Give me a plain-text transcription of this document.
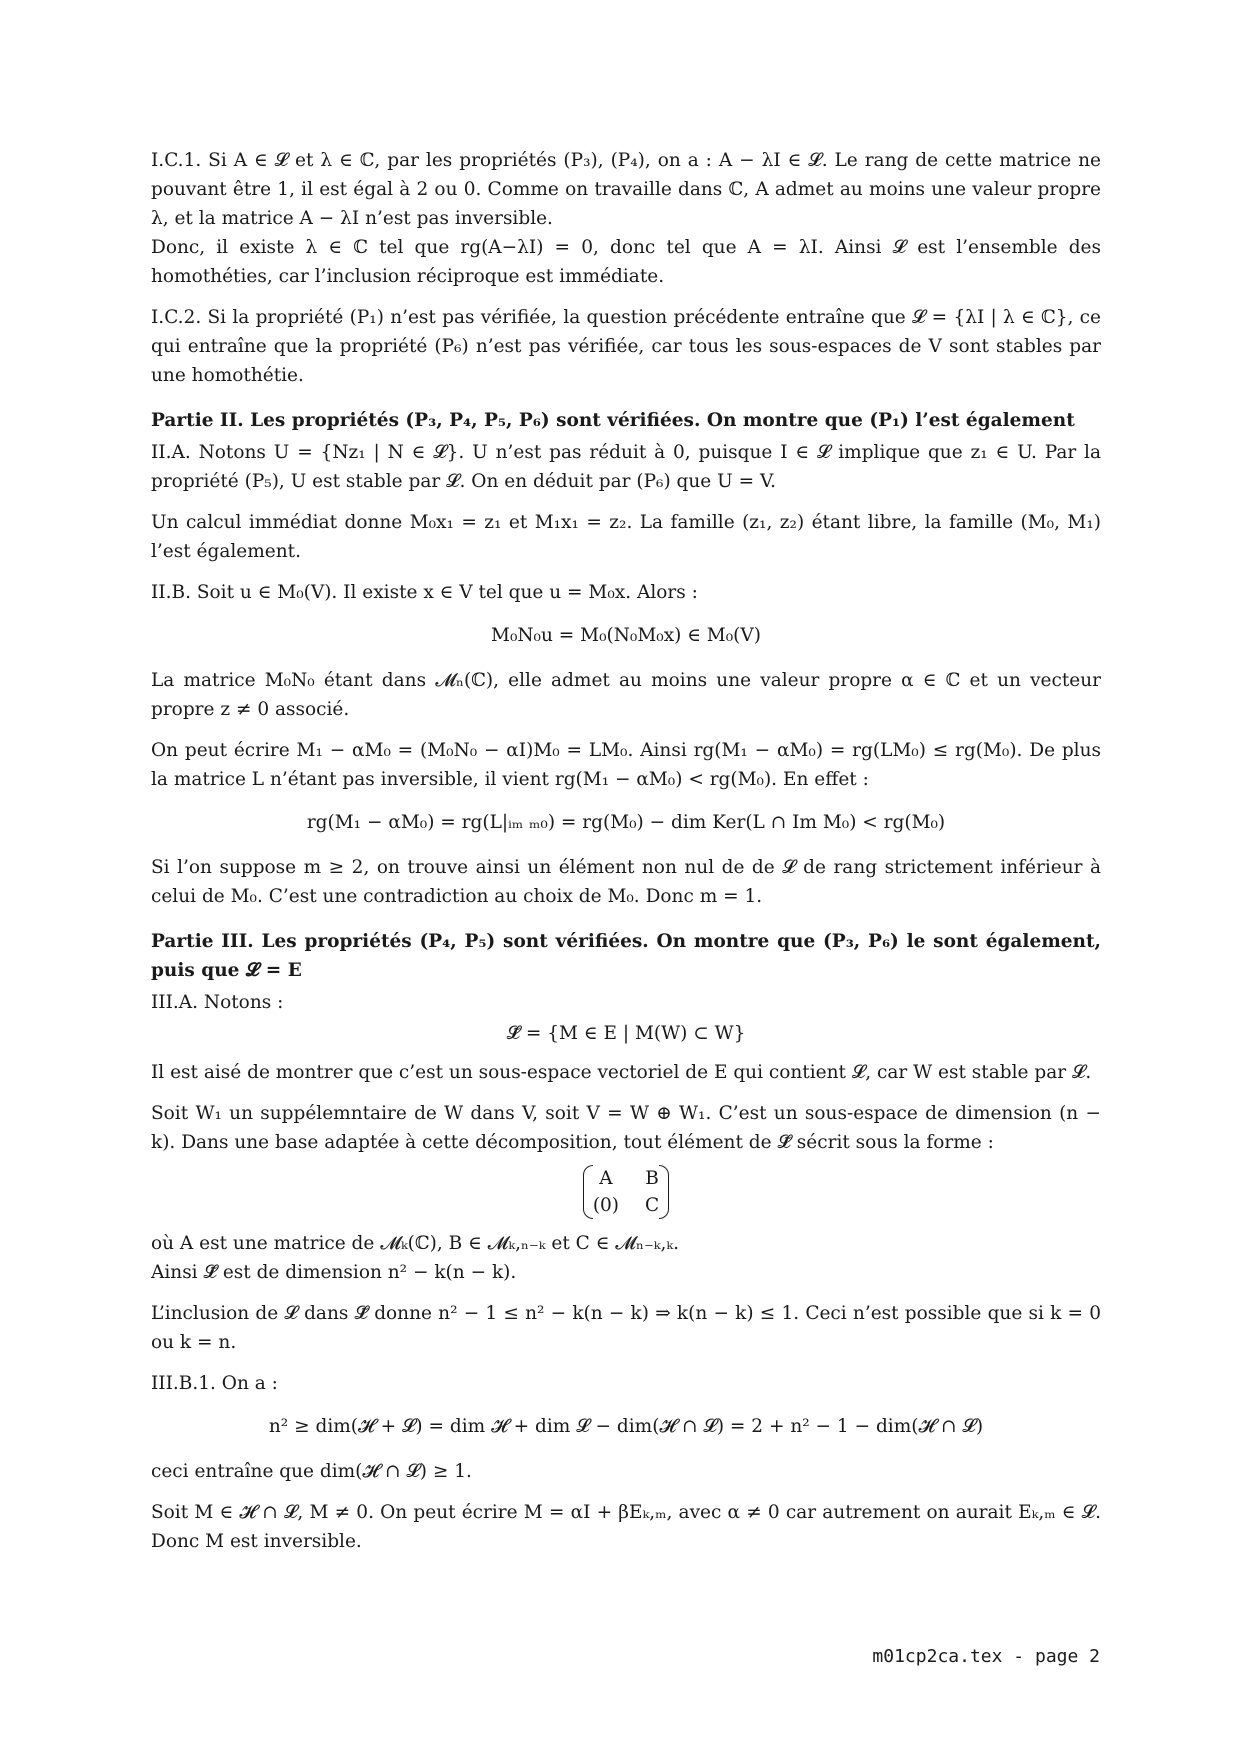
I.C.1. Si A ∈ 𝓛 et λ ∈ ℂ, par les propriétés (P₃), (P₄), on a : A − λI ∈ 𝓛. Le rang de cette matrice ne pouvant être 1, il est égal à 2 ou 0. Comme on travaille dans ℂ, A admet au moins une valeur propre λ, et la matrice A − λI n’est pas inversible.

Donc, il existe λ ∈ ℂ tel que rg(A−λI) = 0, donc tel que A = λI. Ainsi 𝓛 est l’ensemble des homothéties, car l’inclusion réciproque est immédiate.

I.C.2. Si la propriété (P₁) n’est pas vérifiée, la question précédente entraîne que 𝓛 = {λI | λ ∈ ℂ}, ce qui entraîne que la propriété (P₆) n’est pas vérifiée, car tous les sous-espaces de V sont stables par une homothétie.

Partie II. Les propriétés (P₃, P₄, P₅, P₆) sont vérifiées. On montre que (P₁) l’est également

II.A. Notons U = {Nz₁ | N ∈ 𝓛}. U n’est pas réduit à 0, puisque I ∈ 𝓛 implique que z₁ ∈ U. Par la propriété (P₅), U est stable par 𝓛. On en déduit par (P₆) que U = V.

Un calcul immédiat donne M₀x₁ = z₁ et M₁x₁ = z₂. La famille (z₁, z₂) étant libre, la famille (M₀, M₁) l’est également.

II.B. Soit u ∈ M₀(V). Il existe x ∈ V tel que u = M₀x. Alors :

M₀N₀u = M₀(N₀M₀x) ∈ M₀(V)

La matrice M₀N₀ étant dans 𝓜ₙ(ℂ), elle admet au moins une valeur propre α ∈ ℂ et un vecteur propre z ≠ 0 associé.

On peut écrire M₁ − αM₀ = (M₀N₀ − αI)M₀ = LM₀. Ainsi rg(M₁ − αM₀) = rg(LM₀) ≤ rg(M₀). De plus la matrice L n’étant pas inversible, il vient rg(M₁ − αM₀) < rg(M₀). En effet :

rg(M₁ − αM₀) = rg(L|ᵢₘ ₘ₀) = rg(M₀) − dim Ker(L ∩ Im M₀) < rg(M₀)

Si l’on suppose m ≥ 2, on trouve ainsi un élément non nul de de 𝓛 de rang strictement inférieur à celui de M₀. C’est une contradiction au choix de M₀. Donc m = 1.

Partie III. Les propriétés (P₄, P₅) sont vérifiées. On montre que (P₃, P₆) le sont également, puis que 𝓛 = E

III.A. Notons :

𝓛̃ = {M ∈ E | M(W) ⊂ W}

Il est aisé de montrer que c’est un sous-espace vectoriel de E qui contient 𝓛, car W est stable par 𝓛.

Soit W₁ un suppélemntaire de W dans V, soit V = W ⊕ W₁. C’est un sous-espace de dimension (n − k). Dans une base adaptée à cette décomposition, tout élément de 𝓛̃ sécrit sous la forme :

A	B
(0) C

où A est une matrice de 𝓜ₖ(ℂ), B ∈ 𝓜ₖ,ₙ₋ₖ et C ∈ 𝓜ₙ₋ₖ,ₖ.

Ainsi 𝓛̃ est de dimension n² − k(n − k).

L’inclusion de 𝓛 dans 𝓛̃ donne n² − 1 ≤ n² − k(n − k) ⇒ k(n − k) ≤ 1. Ceci n’est possible que si k = 0 ou k = n.

III.B.1. On a :

n² ≥ dim(𝓗 + 𝓛) = dim 𝓗 + dim 𝓛 − dim(𝓗 ∩ 𝓛) = 2 + n² − 1 − dim(𝓗 ∩ 𝓛)

ceci entraîne que dim(𝓗 ∩ 𝓛) ≥ 1.

Soit M ∈ 𝓗 ∩ 𝓛, M ≠ 0. On peut écrire M = αI + βEₖ,ₘ, avec α ≠ 0 car autrement on aurait Eₖ,ₘ ∈ 𝓛. Donc M est inversible.

m01cp2ca.tex - page 2
